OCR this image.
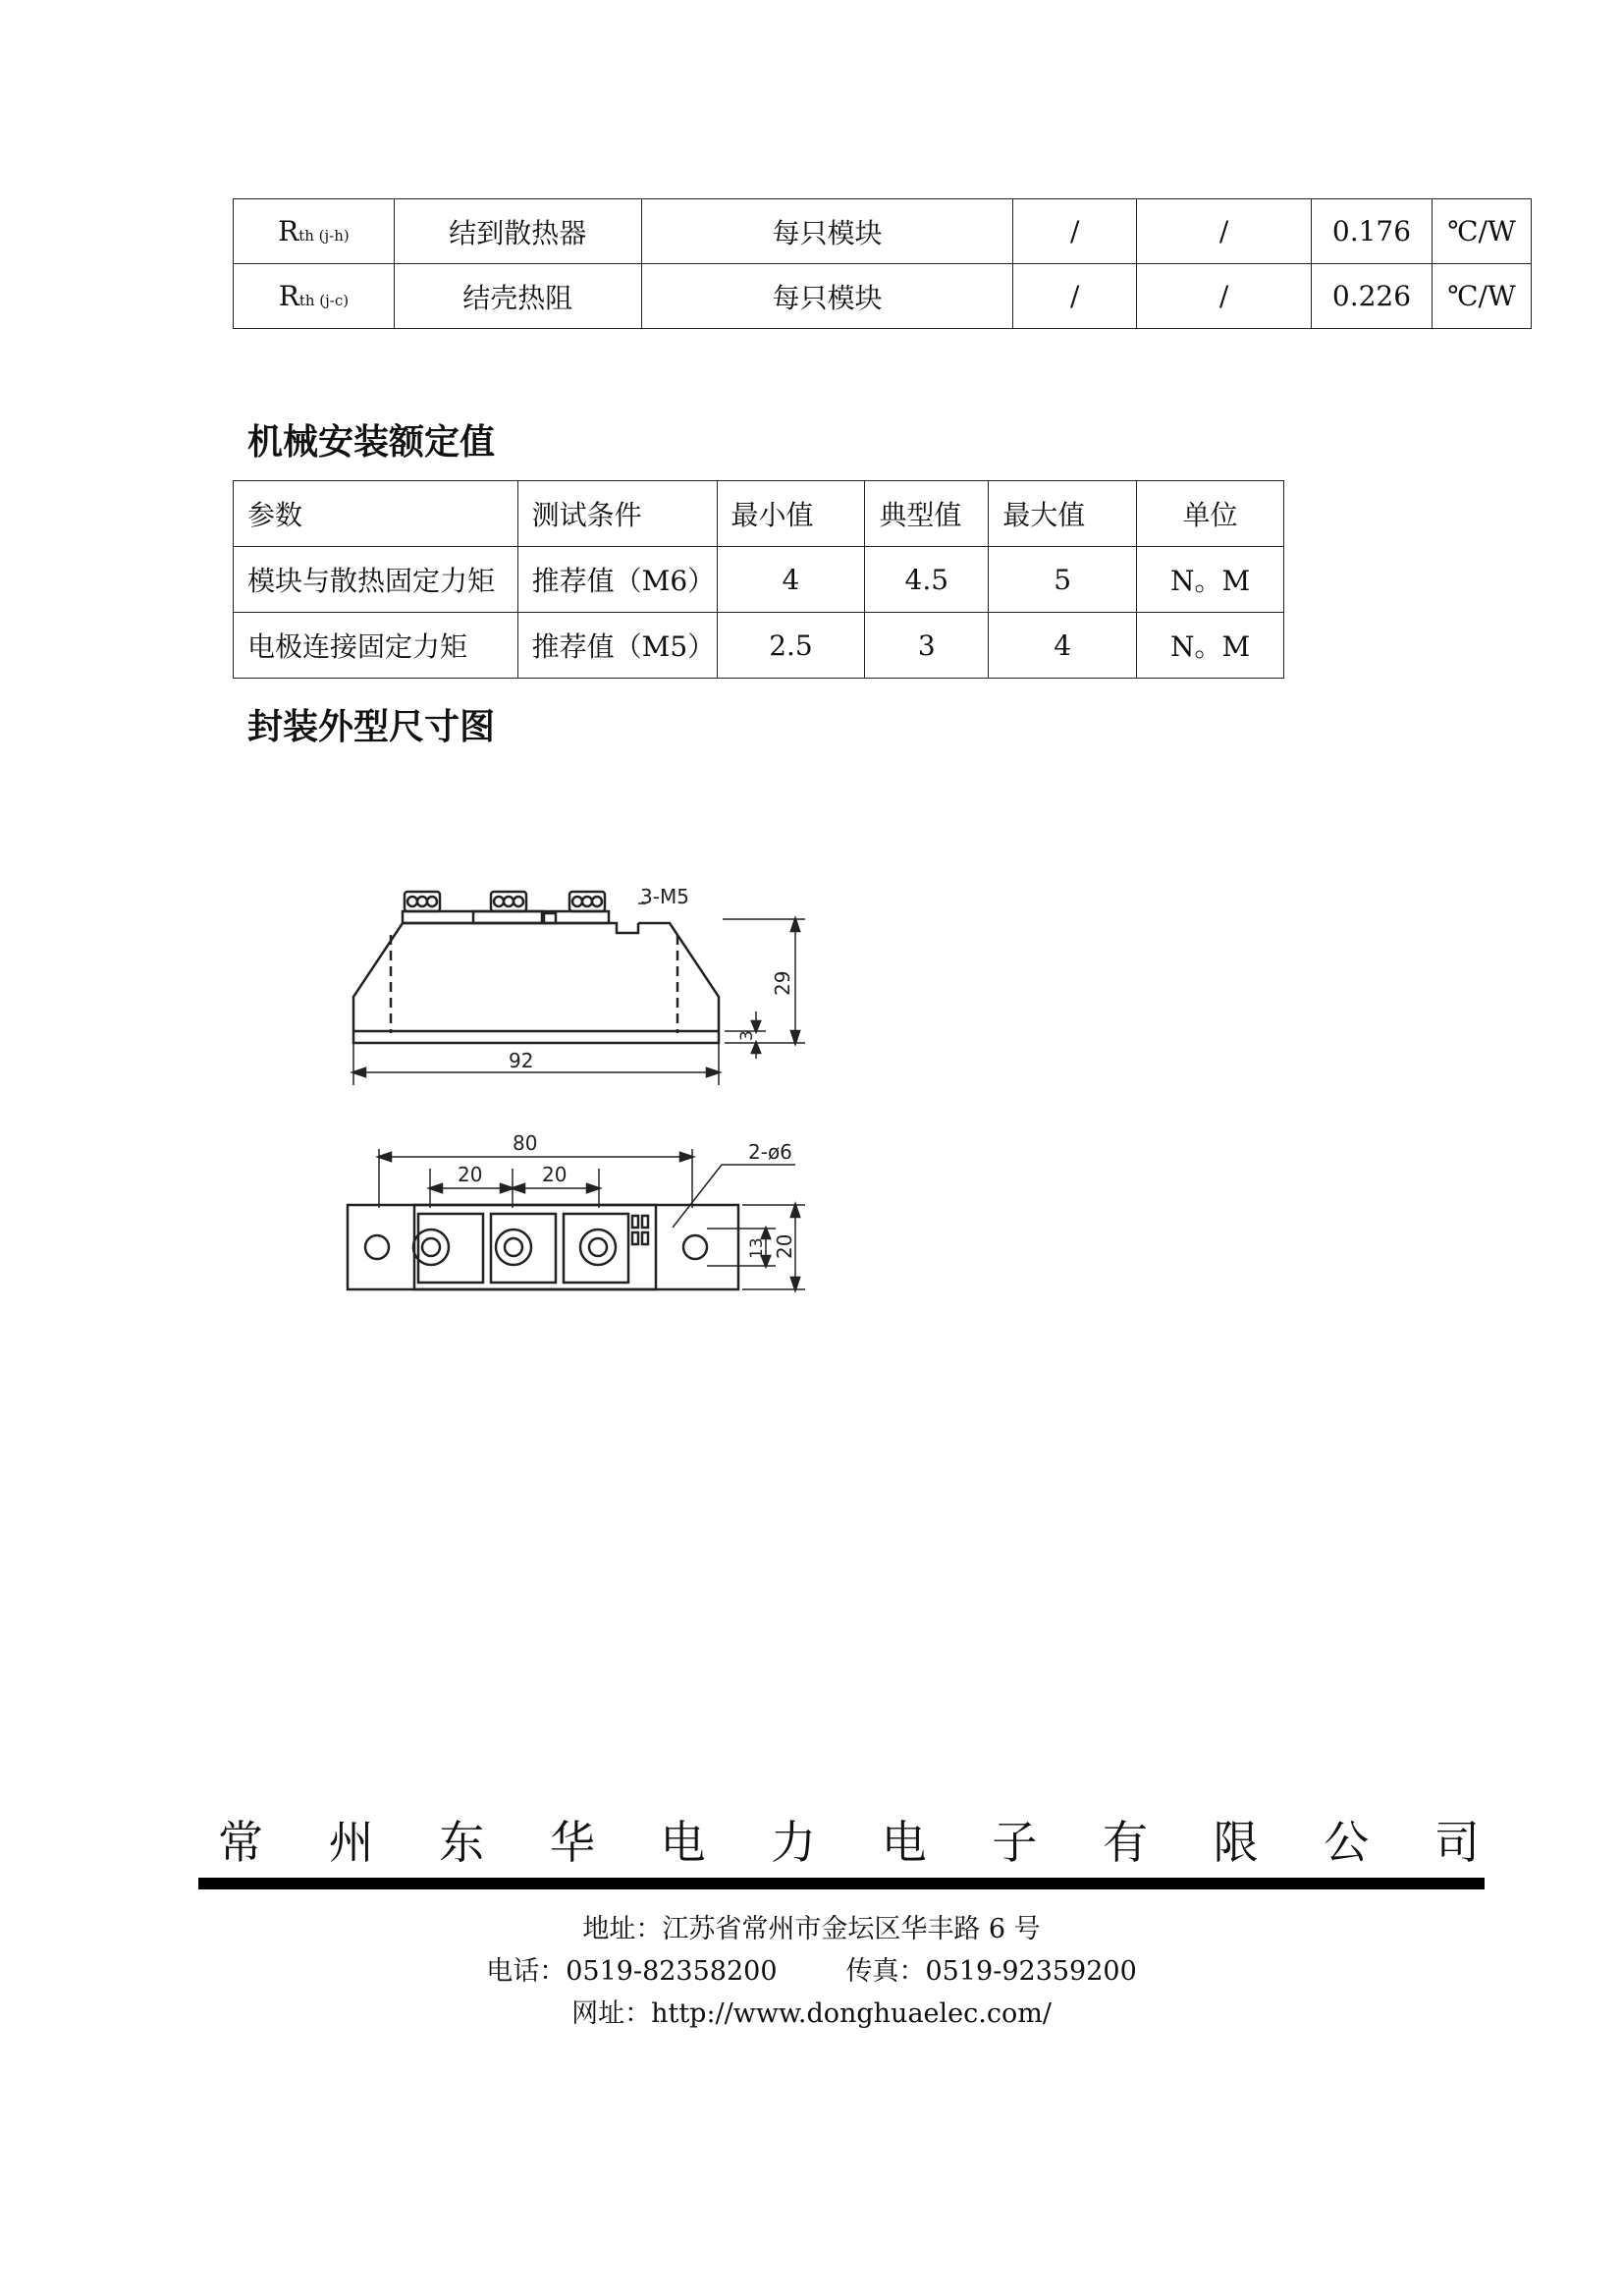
Rth (j-h)	结到散热器	每只模块	/	/	0.176	℃/W
Rth (j-c)	结壳热阻	每只模块	/	/	0.226	℃/W
机械安装额定值
参数	测试条件	最小值	典型值	最大值	单位
模块与散热固定力矩	推荐值（M6）	4	4.5	5	N。M
电极连接固定力矩	推荐值（M5）	2.5	3	4	N。M
封装外型尺寸图
3-M5
29
3
92
80
20	20
2-ø6
13 20
常 州 东 华 电 力 电 子 有 限 公 司
地址：江苏省常州市金坛区华丰路 6 号
电话：0519-82358200	传真：0519-92359200
网址：http://www.donghuaelec.com/
